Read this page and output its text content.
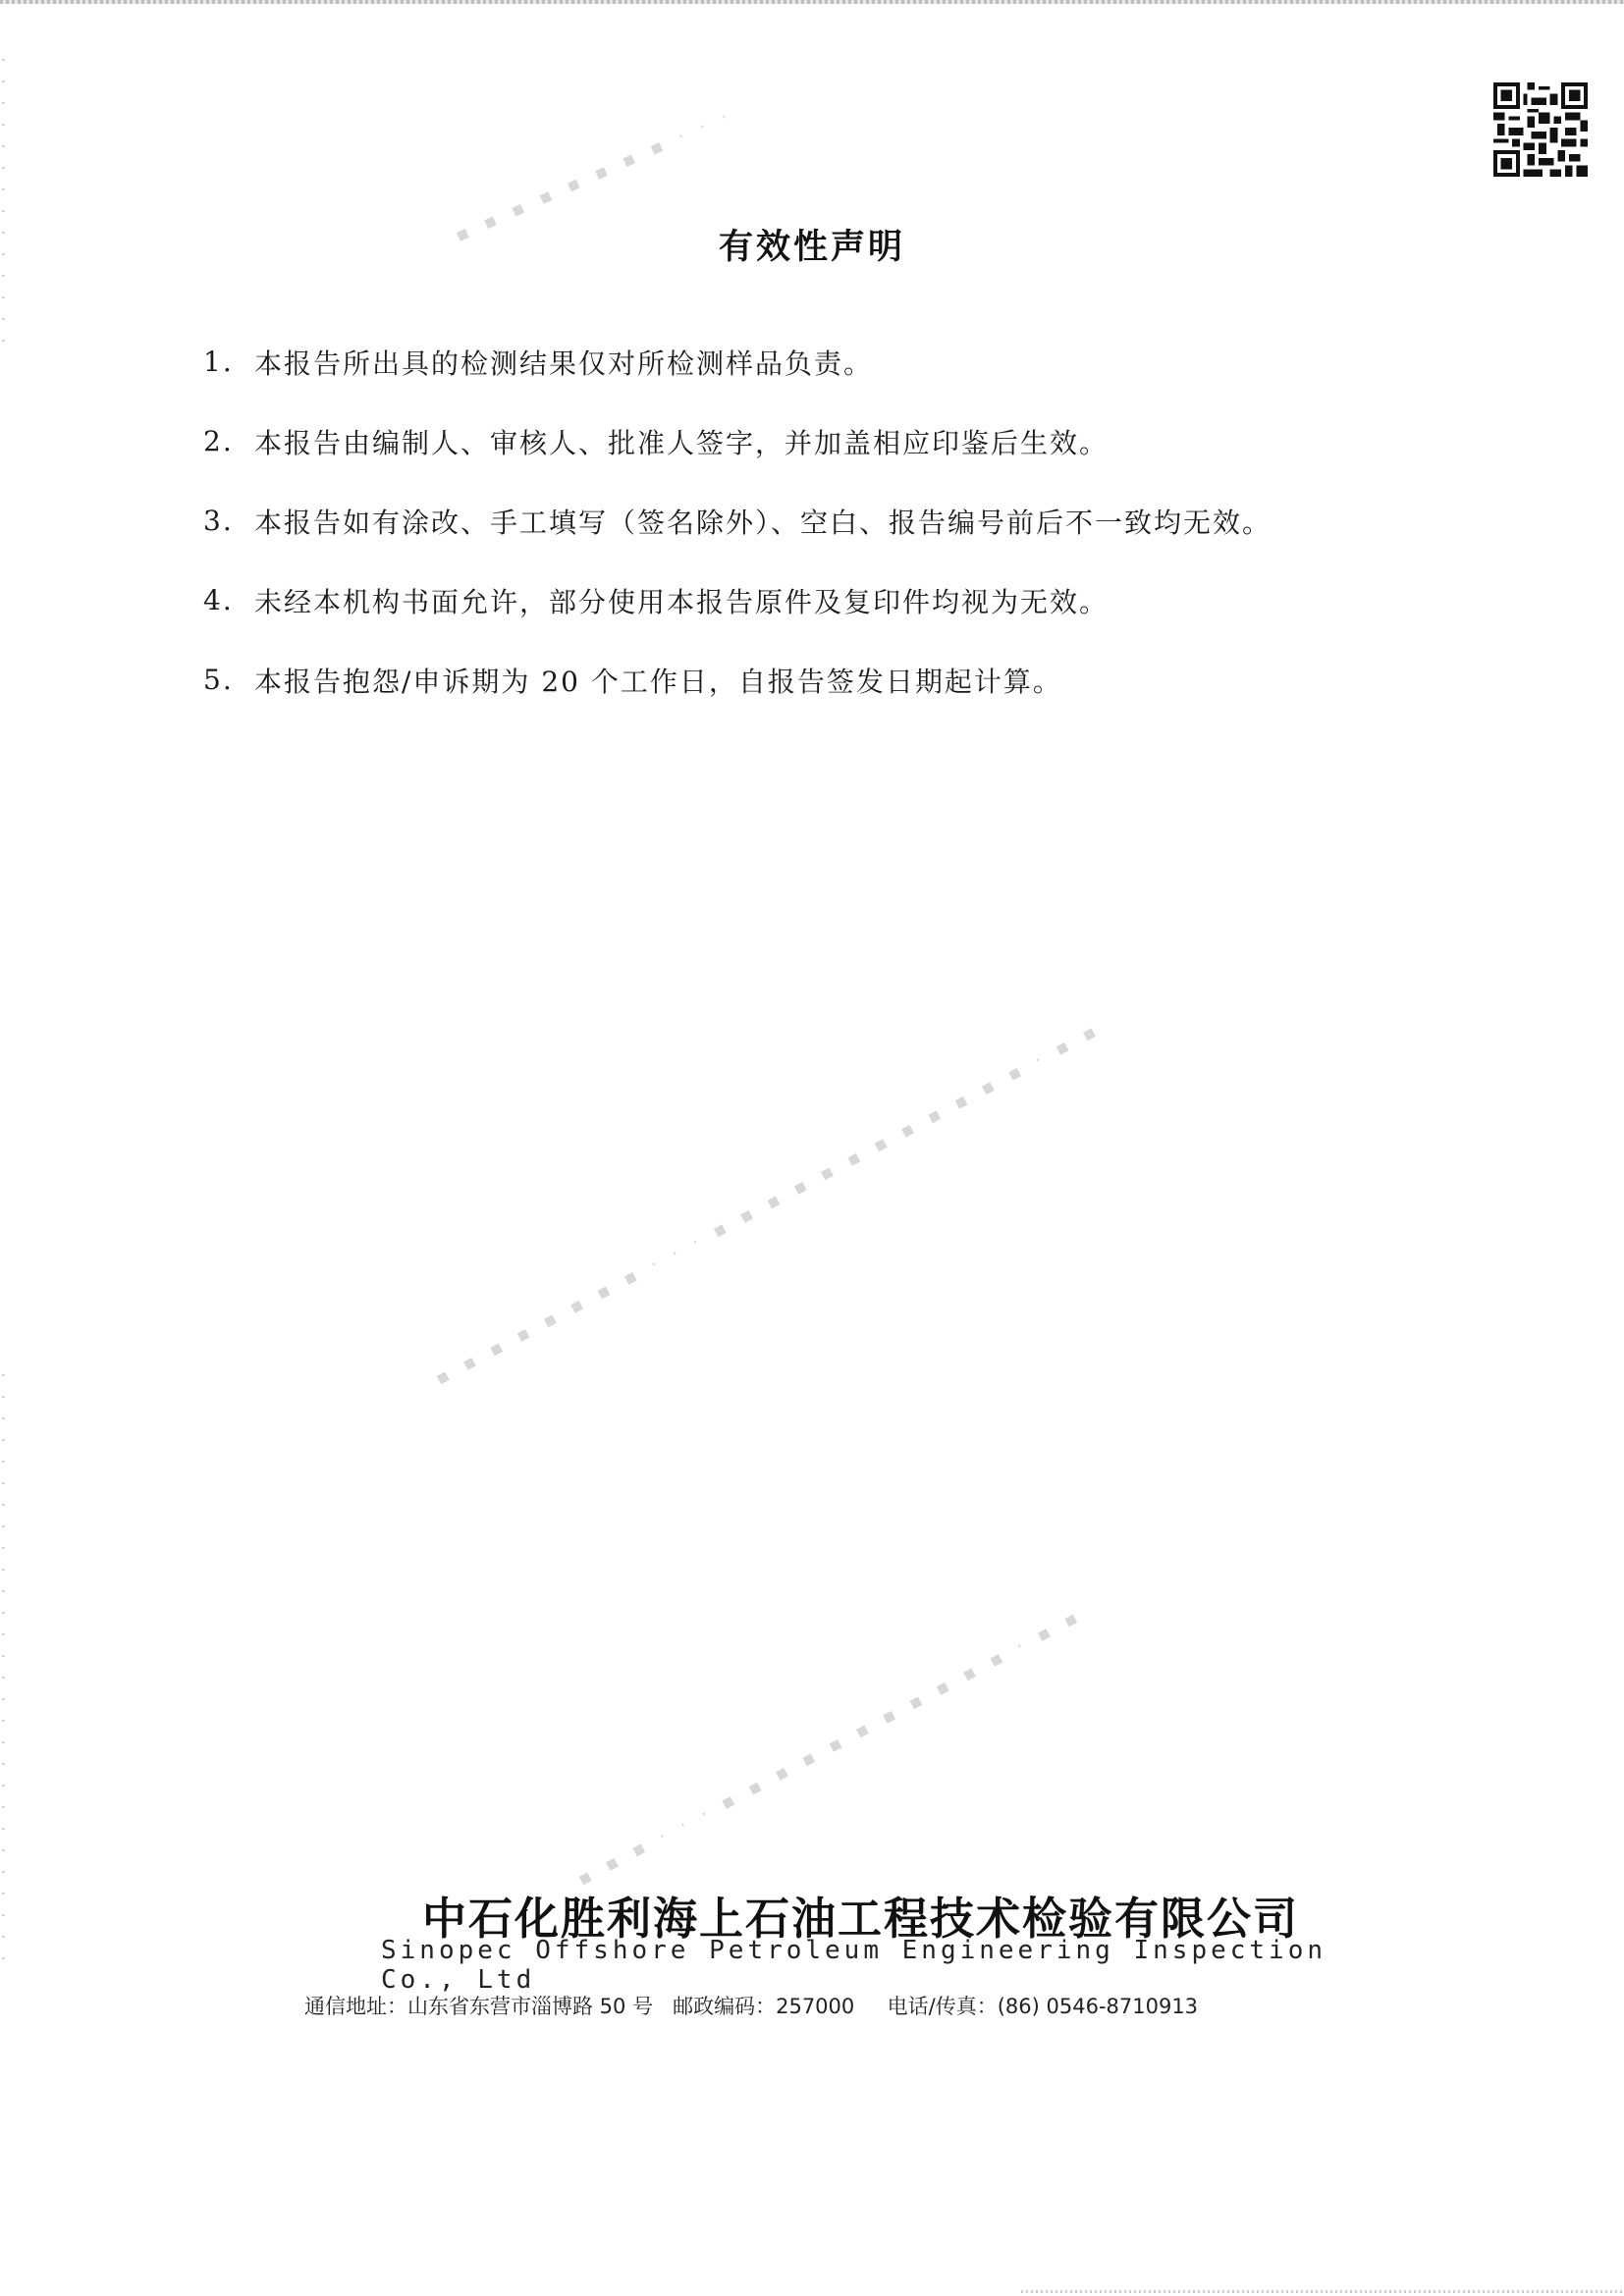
▪ ▪ ▪ ▪ ▪ ▪ ▪ ▪ · · ·
▪ ▪ ▪ ▪ ▪ ▪ ▪ ▪ · · · ▪ ▪ ▪ ▪ ▪ ▪ ▪ ▪ ▪ ▪ ▪ ▪ · ▪ ▪
▪ ▪ ▪ · · · ▪ ▪ ▪ ▪ ▪ ▪ ▪ ▪ ▪ ▪ ▪ · ▪ ▪
有效性声明
1. 本报告所出具的检测结果仅对所检测样品负责。
2. 本报告由编制人、审核人、批准人签字，并加盖相应印鉴后生效。
3. 本报告如有涂改、手工填写（签名除外）、空白、报告编号前后不一致均无效。
4. 未经本机构书面允许，部分使用本报告原件及复印件均视为无效。
5. 本报告抱怨/申诉期为 20 个工作日，自报告签发日期起计算。
中石化胜利海上石油工程技术检验有限公司
Sinopec Offshore Petroleum Engineering Inspection Co., Ltd
通信地址：山东省东营市淄博路 50 号   邮政编码：257000     电话/传真：(86) 0546-8710913
